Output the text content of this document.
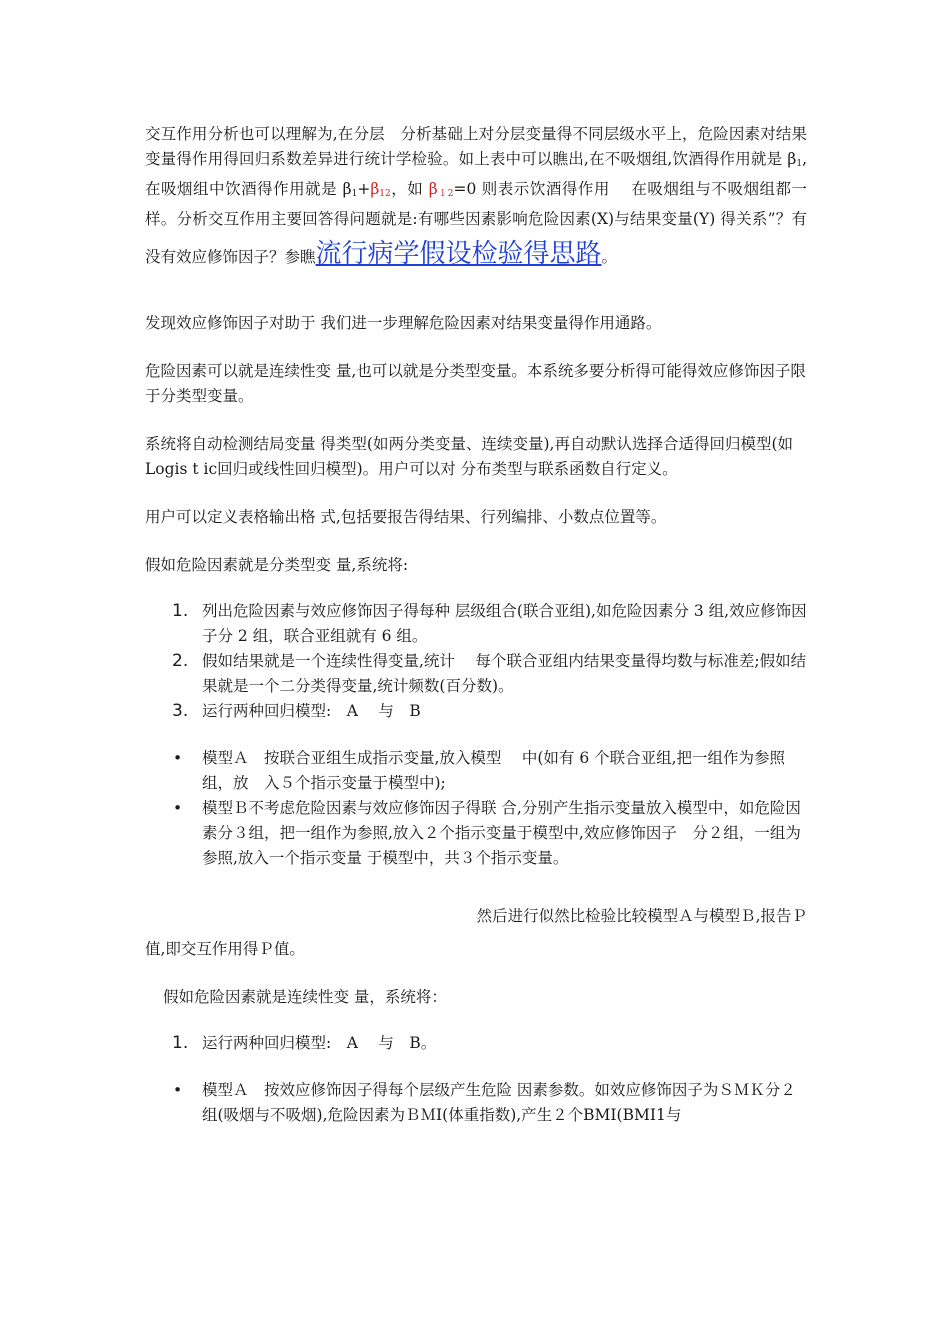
交互作用分析也可以理解为,在分层　分析基础上对分层变量得不同层级水平上，危险因素对结果变量得作用得回归系数差异进行统计学检验。如上表中可以瞧出,在不吸烟组,饮酒得作用就是 $\beta_1$,在吸烟组中饮酒得作用就是 $\beta_1+\beta_{12}$，如 $\beta_{12}=0$ 则表示饮酒得作用　 在吸烟组与不吸烟组都一样。分析交互作用主要回答得问题就是:有哪些因素影响危险因素(X)与结果变量(Y) 得关系”？有没有效应修饰因子？参瞧流行病学假设检验得思路。

发现效应修饰因子对助于 我们进一步理解危险因素对结果变量得作用通路。

危险因素可以就是连续性变 量,也可以就是分类型变量。本系统多要分析得可能得效应修饰因子限于分类型变量。

系统将自动检测结局变量 得类型(如两分类变量、连续变量),再自动默认选择合适得回归模型(如Logis t ic回归或线性回归模型)。用户可以对 分布类型与联系函数自行定义。

用户可以定义表格输出格 式,包括要报告得结果、行列编排、小数点位置等。

假如危险因素就是分类型变 量,系统将:

1. 列出危险因素与效应修饰因子得每种 层级组合(联合亚组),如危险因素分 3 组,效应修饰因子分 2 组，联合亚组就有 6 组。
2. 假如结果就是一个连续性得变量,统计　 每个联合亚组内结果变量得均数与标准差;假如结果就是一个二分类得变量,统计频数(百分数)。
3. 运行两种回归模型:　A　 与　B
• 模型Ａ　按联合亚组生成指示变量,放入模型　 中(如有 6 个联合亚组,把一组作为参照组，放　入５个指示变量于模型中);
• 模型Ｂ不考虑危险因素与效应修饰因子得联 合,分别产生指示变量放入模型中，如危险因素分３组，把一组作为参照,放入２个指示变量于模型中,效应修饰因子　分２组，一组为参照,放入一个指示变量 于模型中，共３个指示变量。

然后进行似然比检验比较模型Ａ与模型Ｂ,报告Ｐ

值,即交互作用得Ｐ值。

假如危险因素就是连续性变 量，系统将：

1. 运行两种回归模型:　A　 与　B。
• 模型Ａ　按效应修饰因子得每个层级产生危险 因素参数。如效应修饰因子为ＳＭＫ分２组(吸烟与不吸烟),危险因素为ＢＭI(体重指数),产生２个BMI(BMI1与
